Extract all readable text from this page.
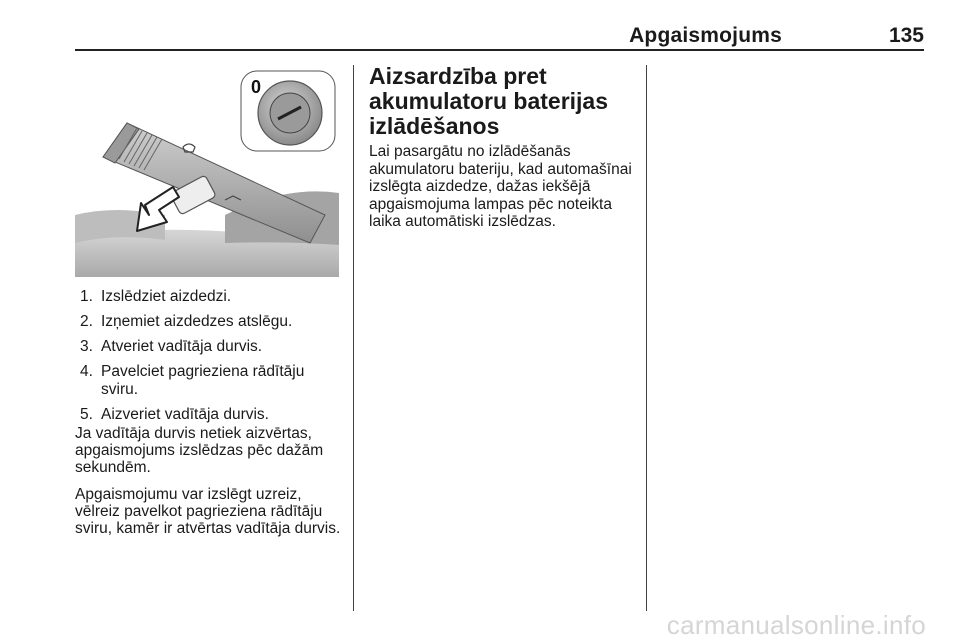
Apgaismojums	135
0
1. Izslēdziet aizdedzi.
2. Izņemiet aizdedzes atslēgu.
3. Atveriet vadītāja durvis.
4. Pavelciet pagrieziena rādītāju sviru.
5. Aizveriet vadītāja durvis.

Ja vadītāja durvis netiek aizvērtas, apgaismojums izslēdzas pēc dažām sekundēm.

Apgaismojumu var izslēgt uzreiz, vēlreiz pavelkot pagrieziena rādītāju sviru, kamēr ir atvērtas vadītāja durvis.

Aizsardzība pret akumulatoru baterijas izlādēšanos

Lai pasargātu no izlādēšanās akumulatoru bateriju, kad automašīnai izslēgta aizdedze, dažas iekšējā apgaismojuma lampas pēc noteikta laika automātiski izslēdzas.

carmanualsonline.info
